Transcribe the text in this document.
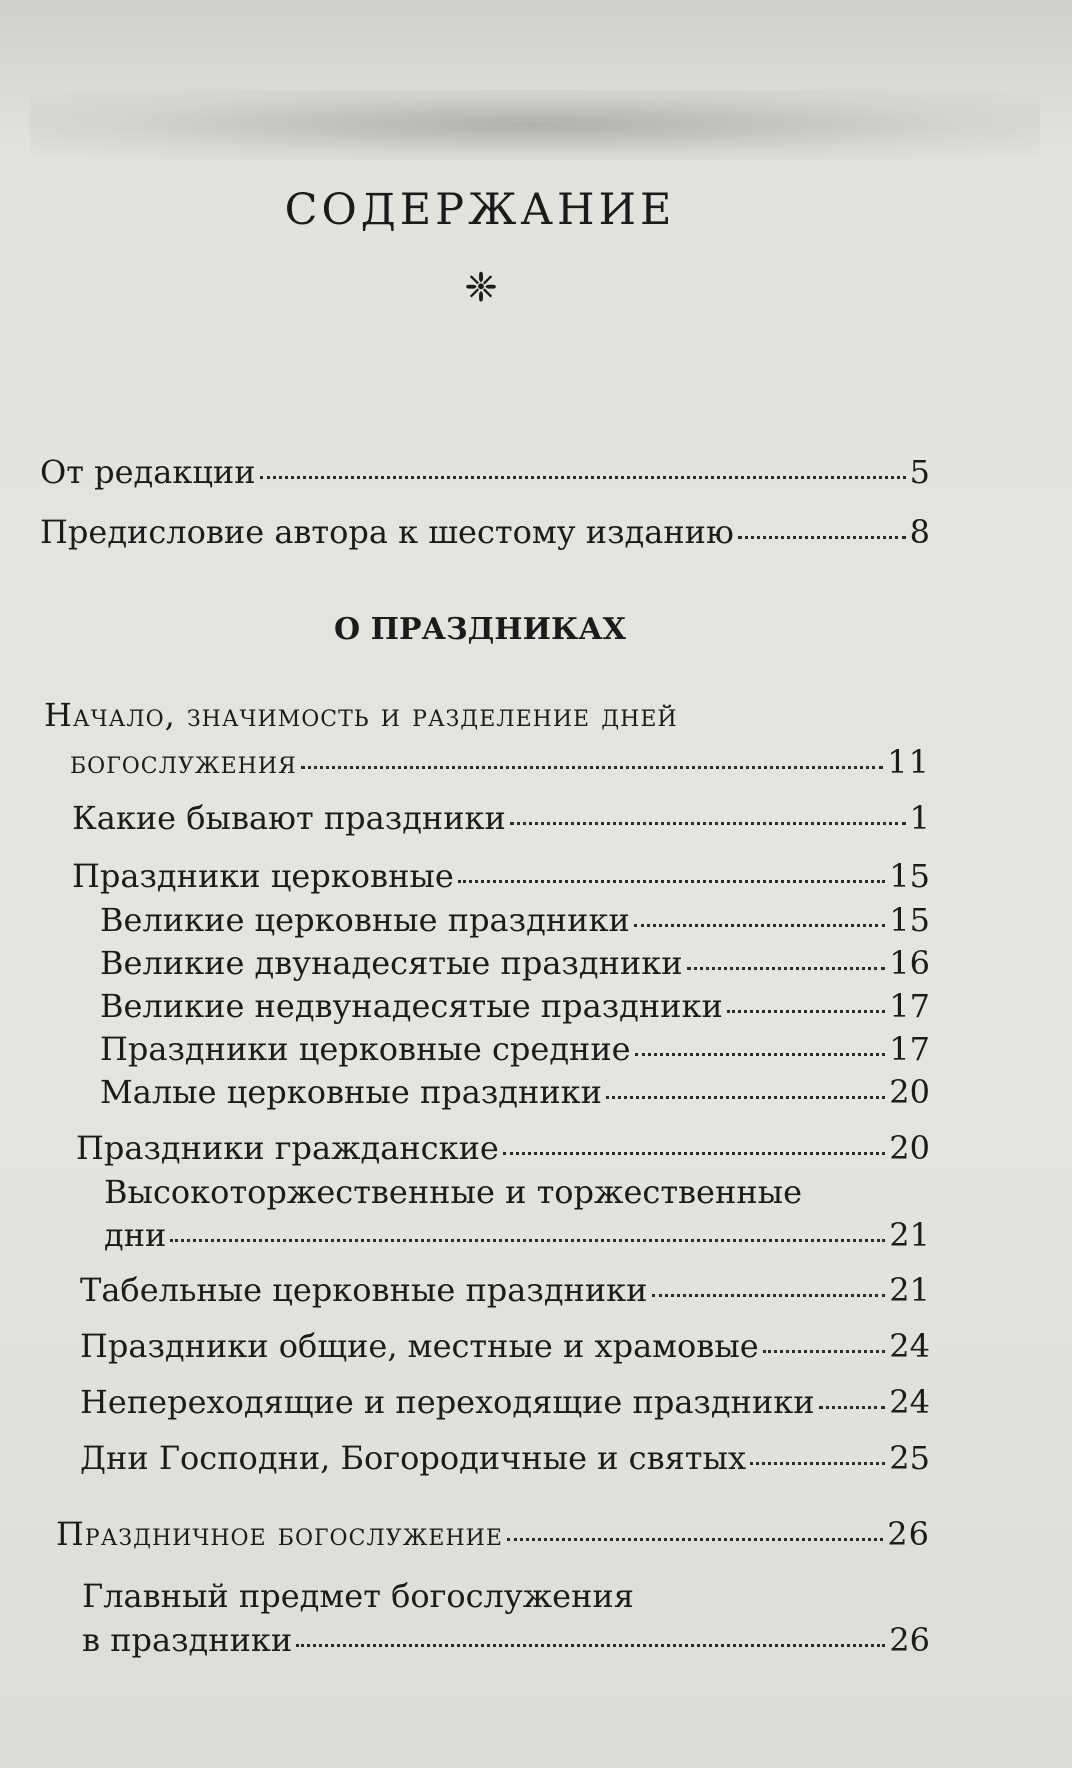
СОДЕРЖАНИЕ
❈
От редакции	5
Предисловие автора к шестому изданию	8
О ПРАЗДНИКАХ
Начало, значимость и разделение дней
богослужения	11
Какие бывают праздники	1
Праздники церковные	15
Великие церковные праздники	15
Великие двунадесятые праздники	16
Великие недвунадесятые праздники	17
Праздники церковные средние	17
Малые церковные праздники	20
Праздники гражданские	20
Высокоторжественные и торжественные
дни	21
Табельные церковные праздники	21
Праздники общие, местные и храмовые	24
Непереходящие и переходящие праздники 24
Дни Господни, Богородичные и святых	25
Праздничное богослужение	26
Главный предмет богослужения
в праздники	26
